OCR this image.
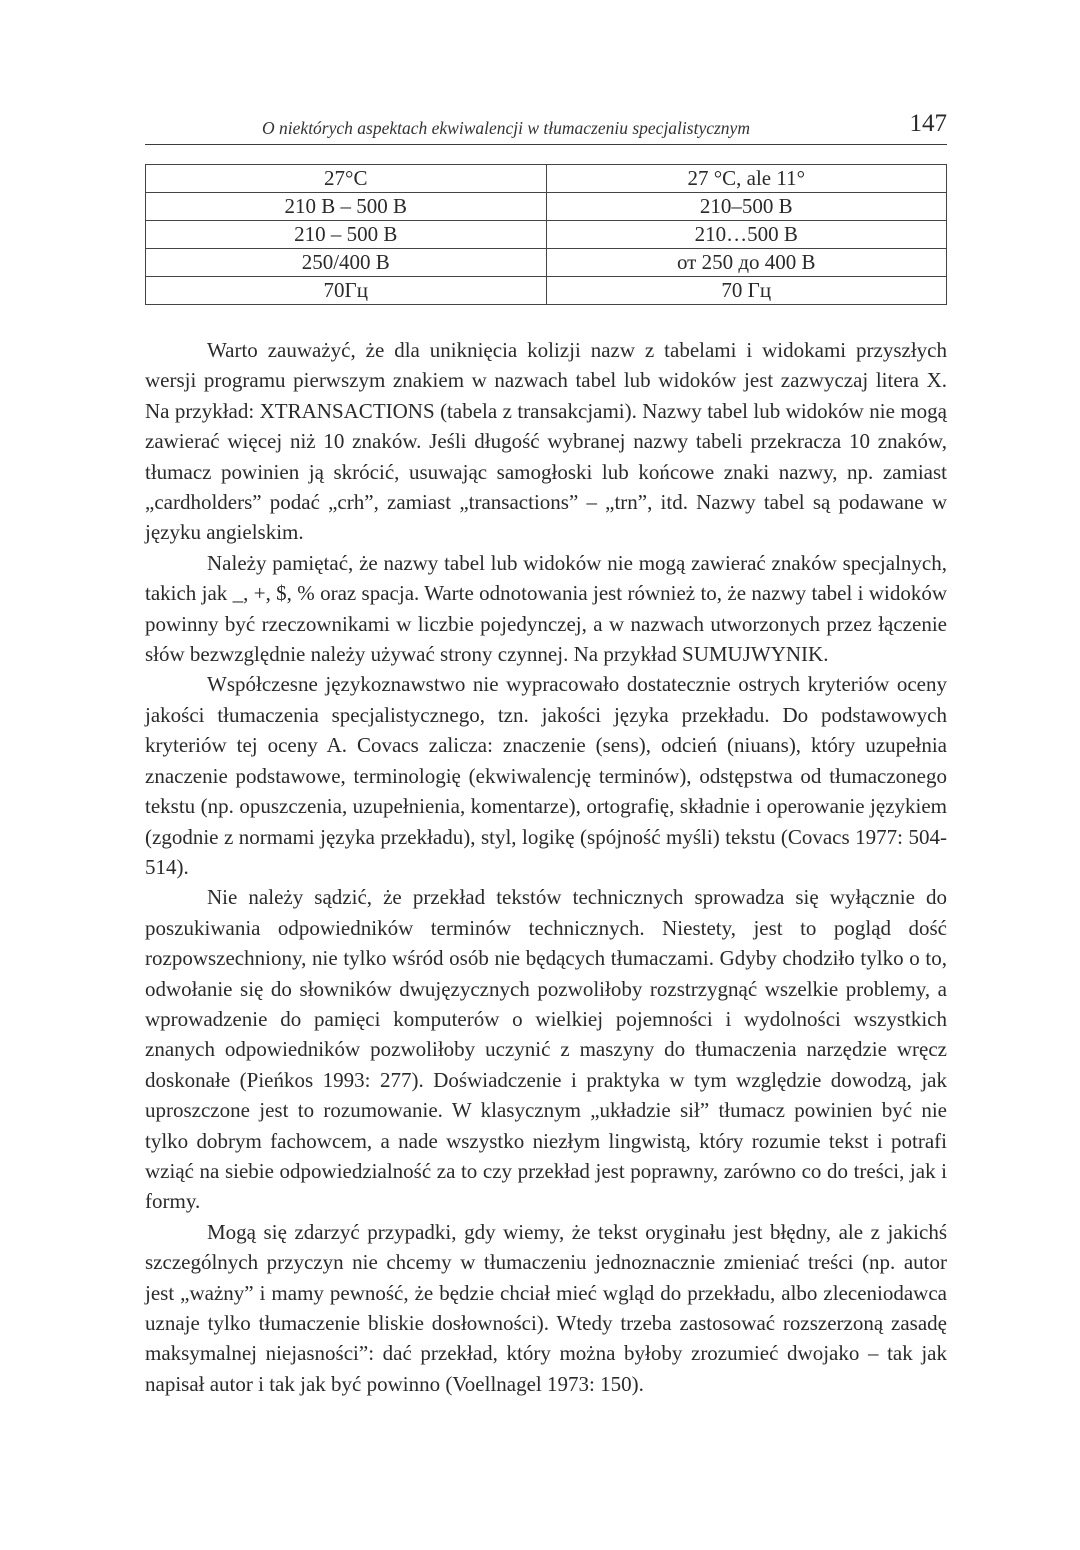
O niektórych aspektach ekwiwalencji w tłumaczeniu specjalistycznym	147
27°C	27 °C, ale 11°
210 В – 500 В	210–500 В
210 – 500 В	210…500 В
250/400 В	от 250 до 400 В
70Гц	70 Гц

Warto zauważyć, że dla uniknięcia kolizji nazw z tabelami i widokami przyszłych wersji programu pierwszym znakiem w nazwach tabel lub widoków jest zazwyczaj litera X. Na przykład: XTRANSACTIONS (tabela z transakcjami). Nazwy tabel lub widoków nie mogą zawierać więcej niż 10 znaków. Jeśli długość wybranej nazwy tabeli przekracza 10 znaków, tłumacz powinien ją skrócić, usuwając samogłoski lub końcowe znaki nazwy, np. zamiast „cardholders” podać „crh”, zamiast „transactions” – „trn”, itd. Nazwy tabel są podawane w języku angielskim.

Należy pamiętać, że nazwy tabel lub widoków nie mogą zawierać znaków specjalnych, takich jak _, +, $, % oraz spacja. Warte odnotowania jest również to, że nazwy tabel i widoków powinny być rzeczownikami w liczbie pojedynczej, a w nazwach utworzonych przez łączenie słów bezwzględnie należy używać strony czynnej. Na przykład SUMUJWYNIK.

Współczesne językoznawstwo nie wypracowało dostatecznie ostrych kryteriów oceny jakości tłumaczenia specjalistycznego, tzn. jakości języka przekładu. Do podstawowych kryteriów tej oceny A. Covacs zalicza: znaczenie (sens), odcień (niuans), który uzupełnia znaczenie podstawowe, terminologię (ekwiwalencję terminów), odstępstwa od tłumaczonego tekstu (np. opuszczenia, uzupełnienia, komentarze), ortografię, składnie i operowanie językiem (zgodnie z normami języka przekładu), styl, logikę (spójność myśli) tekstu (Covacs 1977: 504-514).

Nie należy sądzić, że przekład tekstów technicznych sprowadza się wyłącznie do poszukiwania odpowiedników terminów technicznych. Niestety, jest to pogląd dość rozpowszechniony, nie tylko wśród osób nie będących tłumaczami. Gdyby chodziło tylko o to, odwołanie się do słowników dwujęzycznych pozwoliłoby rozstrzygnąć wszelkie problemy, a wprowadzenie do pamięci komputerów o wielkiej pojemności i wydolności wszystkich znanych odpowiedników pozwoliłoby uczynić z maszyny do tłumaczenia narzędzie wręcz doskonałe (Pieńkos 1993: 277). Doświadczenie i praktyka w tym względzie dowodzą, jak uproszczone jest to rozumowanie. W klasycznym „układzie sił” tłumacz powinien być nie tylko dobrym fachowcem, a nade wszystko niezłym lingwistą, który rozumie tekst i potrafi wziąć na siebie odpowiedzialność za to czy przekład jest poprawny, zarówno co do treści, jak i formy.

Mogą się zdarzyć przypadki, gdy wiemy, że tekst oryginału jest błędny, ale z jakichś szczególnych przyczyn nie chcemy w tłumaczeniu jednoznacznie zmieniać treści (np. autor jest „ważny” i mamy pewność, że będzie chciał mieć wgląd do przekładu, albo zleceniodawca uznaje tylko tłumaczenie bliskie dosłowności). Wtedy trzeba zastosować rozszerzoną zasadę maksymalnej niejasności”: dać przekład, który można byłoby zrozumieć dwojako – tak jak napisał autor i tak jak być powinno (Voellnagel 1973: 150).
